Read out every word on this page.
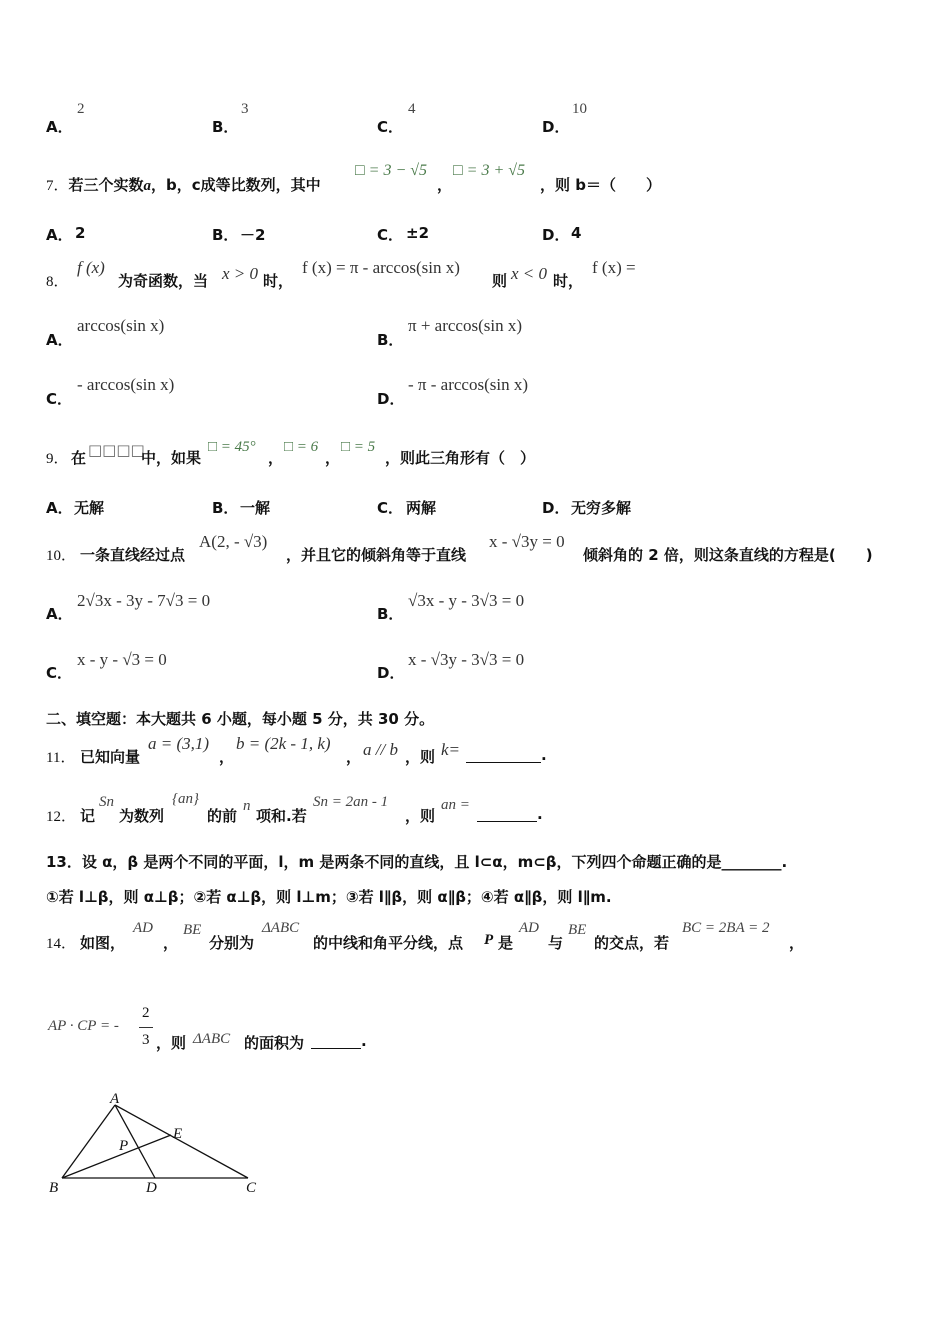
A．
2
B．
3
C．
4
D．
10
7．若三个实数a，b，c成等比数列，其中
□ = 3 − √5
，
□ = 3 + √5
，则 b＝（　　）
A． 2	B． －2	C． ±2	D． 4
8．
f (x)
为奇函数，当 x > 0 时，
f (x) = π - arccos(sin x)
则 x < 0 时，
f (x) =
A．
arccos(sin x)
B．
π + arccos(sin x)
C．
- arccos(sin x)
D．
- π - arccos(sin x)
9． 在 □□□□
中，如果
□ = 45°
，
□ = 6
，
□ = 5
，则此三角形有（　）
A． 无解	B． 一解	C． 两解	D． 无穷多解
10． 一条直线经过点
A(2, - √3)
，并且它的倾斜角等于直线
x - √3y = 0
倾斜角的 2 倍，则这条直线的方程是(　　)
A．
2√3x - 3y - 7√3 = 0
B．
√3x - y - 3√3 = 0
C．
x - y - √3 = 0
D．
x - √3y - 3√3 = 0
二、填空题：本大题共 6 小题，每小题 5 分，共 30 分。
11． 已知向量
a = (3,1)
，
b = (2k - 1, k)
， a // b ，则 k=	.
12． 记
Sn
为数列
{an}
的前
n
项和.若
Sn = 2an - 1
，则
an =	.
13．设 α，β 是两个不同的平面，l，m 是两条不同的直线，且 l⊂α，m⊂β，下列四个命题正确的是________.
①若 l⊥β，则 α⊥β；②若 α⊥β，则 l⊥m；③若 l∥β，则 α∥β；④若 α∥β，则 l∥m.
14． 如图，
AD
，
BE
分别为
ΔABC
的中线和角平分线，点 P 是
AD
与
BE
的交点，若
BC = 2BA = 2
，
AP · CP = -
2
3 ，则 ΔABC 的面积为	.
A
B	C
D
E
P
